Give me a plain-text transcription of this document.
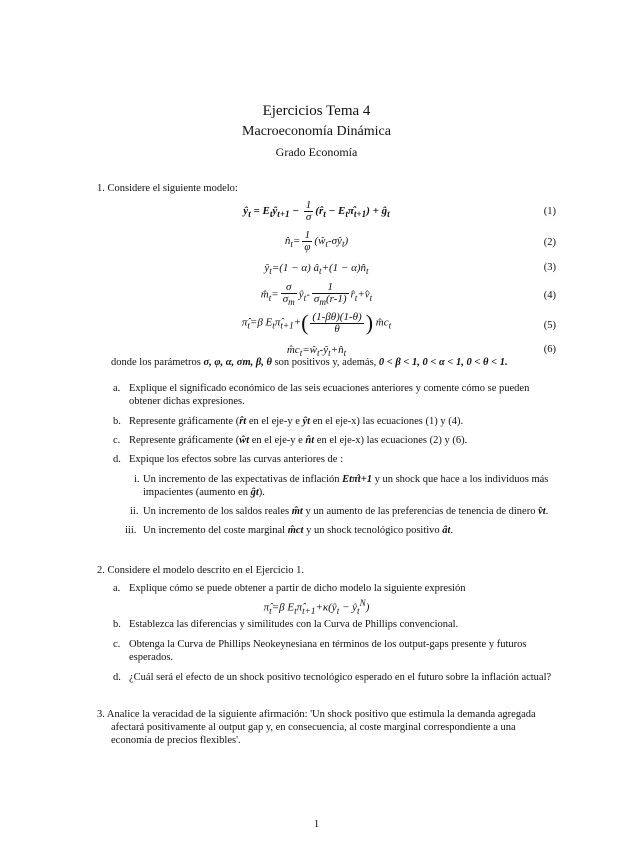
Ejercicios Tema 4
Macroeconomía Dinámica
Grado Economía
1. Considere el siguiente modelo:
$ŷ_t$ = $E_tŷ_{t+1} - \frac{1}{\sigma}$ ($r̂_t$ − $E_t\pî_{t+1}$) + $ĝ_t$	(1)
$n̂_t= \frac{1}{\varphi}$ $(ŵ_t-\sigma ŷ_t)$	(2)
$ŷ_t=(1 - \alpha)$ $â_t+(1$ − $\alpha)n̂_t$	(3)
$m̂_t= \frac{\sigma}{\sigma_m}$ $ŷ_t- \frac{1}{\sigma_m(r-1)}$ $r̂_t+v̂_t$	(4)
$\pî_t=\beta$ $E_t\pî_{t+1}+( \frac{(1-\beta\theta)(1-\theta)}{\theta}$ ) $m̂c_t$	(5)
$m̂c_t=ŵ_t-ŷ_t+n̂_t$	(6)
donde los parámetros σ, φ, α, σm, β, θ son positivos y, además, 0 < β < 1, 0 < α < 1, 0 < θ < 1.
a. Explique el significado económico de las seis ecuaciones anteriores y comente cómo se pueden
obtener dichas expresiones.
b. Represente gráficamente (r̂t en el eje-y e ŷt en el eje-x) las ecuaciones (1) y (4).
c. Represente gráficamente (ŵt en el eje-y e n̂t en el eje-x) las ecuaciones (2) y (6).
d. Expique los efectos sobre las curvas anteriores de :
i. Un incremento de las expectativas de inflación Etπ̂t+1 y un shock que hace a los individuos más
impacientes (aumento en ĝt).
ii. Un incremento de los saldos reales m̂t y un aumento de las preferencias de tenencia de dinero v̂t.
iii. Un incremento del coste marginal m̂ct y un shock tecnológico positivo ât.
2. Considere el modelo descrito en el Ejercicio 1.
a. Explique cómo se puede obtener a partir de dicho modelo la siguiente expresión
$\pî_t=\beta$ $E_t\pî_{t+1}+\kappa(ŷ_t$ − $ŷ_t^N$)
b. Establezca las diferencias y similitudes con la Curva de Phillips convencional.
c. Obtenga la Curva de Phillips Neokeynesiana en términos de los output-gaps presente y futuros
esperados.
d. ¿Cuál será el efecto de un shock positivo tecnológico esperado en el futuro sobre la inflación actual?
3. Analice la veracidad de la siguiente afirmación: 'Un shock positivo que estimula la demanda agregada
afectará positivamente al output gap y, en consecuencia, al coste marginal correspondiente a una
economía de precios flexibles'.
1
